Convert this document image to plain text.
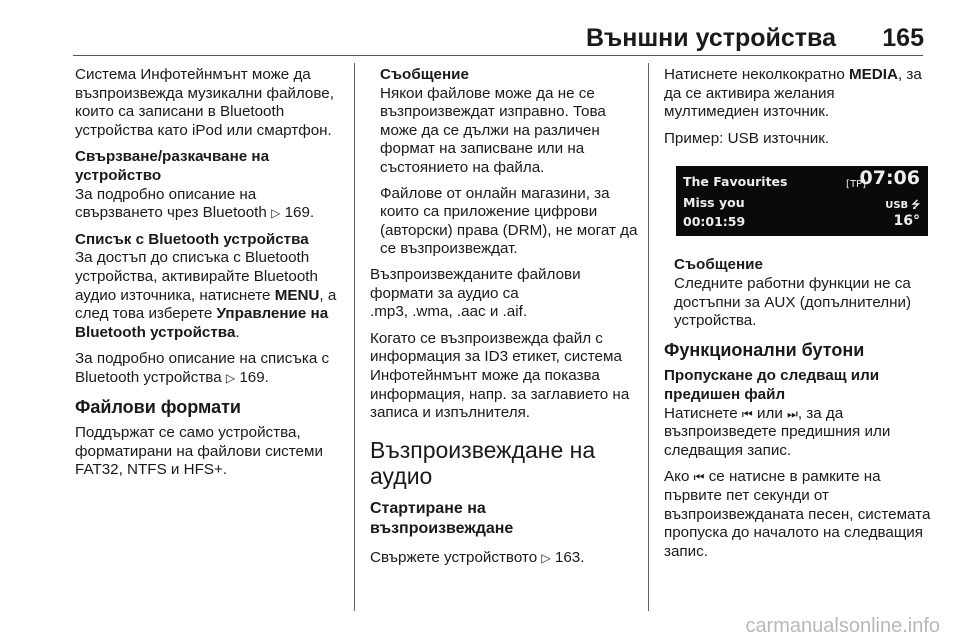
Външни устройства 165

Система Инфотейнмънт може да възпроизвежда музикални файлове, които са записани в Bluetooth устройства като iPod или смартфон.

Свързване/разкачване на
устройство

За подробно описание на свързването чрез Bluetooth ▷ 169.

Списък с Bluetooth устройства

За достъп до списъка с Bluetooth устройства, активирайте Bluetooth аудио източника, натиснете MENU, а след това изберете Управление на Bluetooth устройства.

За подробно описание на списъка с Bluetooth устройства ▷ 169.

Файлови формати

Поддържат се само устройства, форматирани на файлови системи FAT32, NTFS и HFS+.

Съобщение

Някои файлове може да не се възпроизвеждат изправно. Това може да се дължи на различен формат на записване или на състоянието на файла.

Файлове от онлайн магазини, за които са приложение цифрови (авторски) права (DRM), не могат да се възпроизвеждат.

Възпроизвежданите файлови формати за аудио са
.mp3, .wma, .aac и .aif.

Когато се възпроизвежда файл с информация за ID3 етикет, система Инфотейнмънт може да показва информация, напр. за заглавието на записа и изпълнителя.

Възпроизвеждане на
аудио
Стартиране на
възпроизвеждане

Свържете устройството ▷ 163.

Натиснете неколкократно MEDIA, за да се активира желания мултимедиен източник.

Пример: USB източник.

The Favourites	[TP]
07:06
Miss you	USB ⭍
00:01:59	16°
Съобщение

Следните работни функции не са достъпни за AUX (допълнителни) устройства.

Функционални бутони
Пропускане до следващ или
предишен файл

Натиснете ⏮ или ⏭, за да възпроизведете предишния или следващия запис.

Ако ⏮ се натисне в рамките на първите пет секунди от възпроизвежданата песен, системата пропуска до началото на следващия запис.

carmanualsonline.info
